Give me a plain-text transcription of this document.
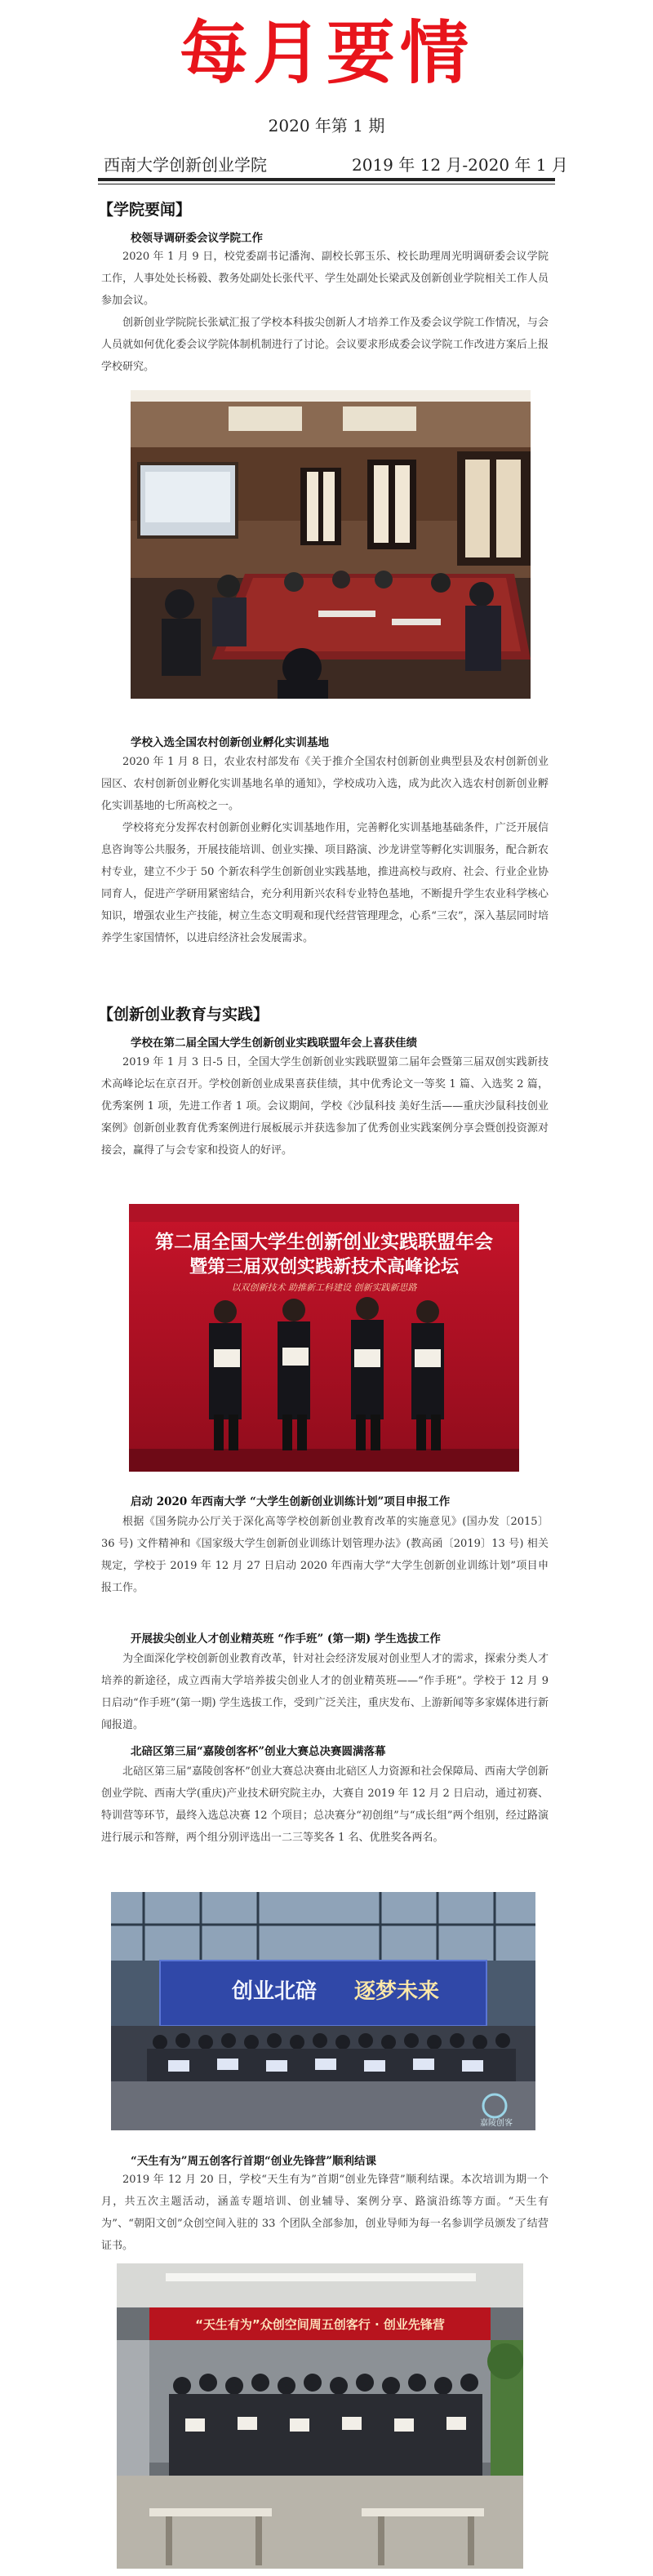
每月要情
2020 年第 1 期
西南大学创新创业学院	2019 年 12 月-2020 年 1 月
【学院要闻】
校领导调研委会议学院工作
2020 年 1 月 9 日，校党委副书记潘洵、副校长郭玉乐、校长助理周光明调研委会议学院工作，人事处处长杨毅、教务处副处长张代平、学生处副处长梁武及创新创业学院相关工作人员参加会议。
创新创业学院院长张斌汇报了学校本科拔尖创新人才培养工作及委会议学院工作情况，与会人员就如何优化委会议学院体制机制进行了讨论。会议要求形成委会议学院工作改进方案后上报学校研究。
学校入选全国农村创新创业孵化实训基地
2020 年 1 月 8 日，农业农村部发布《关于推介全国农村创新创业典型县及农村创新创业园区、农村创新创业孵化实训基地名单的通知》，学校成功入选，成为此次入选农村创新创业孵化实训基地的七所高校之一。
学校将充分发挥农村创新创业孵化实训基地作用，完善孵化实训基地基础条件，广泛开展信息咨询等公共服务，开展技能培训、创业实操、项目路演、沙龙讲堂等孵化实训服务，配合新农村专业，建立不少于 50 个新农科学生创新创业实践基地，推进高校与政府、社会、行业企业协同育人，促进产学研用紧密结合，充分利用新兴农科专业特色基地，不断提升学生农业科学核心知识，增强农业生产技能，树立生态文明观和现代经营管理理念，心系“三农”，深入基层同时培养学生家国情怀，以进启经济社会发展需求。
【创新创业教育与实践】
学校在第二届全国大学生创新创业实践联盟年会上喜获佳绩
2019 年 1 月 3 日-5 日，全国大学生创新创业实践联盟第二届年会暨第三届双创实践新技术高峰论坛在京召开。学校创新创业成果喜获佳绩，其中优秀论文一等奖 1 篇、入选奖 2 篇，优秀案例 1 项，先进工作者 1 项。会议期间，学校《沙鼠科技 美好生活——重庆沙鼠科技创业案例》创新创业教育优秀案例进行展板展示并获选参加了优秀创业实践案例分享会暨创投资源对接会，赢得了与会专家和投资人的好评。
第二届全国大学生创新创业实践联盟年会
暨第三届双创实践新技术高峰论坛
以双创新技术 助推新工科建设 创新实践新思路
启动 2020 年西南大学 “大学生创新创业训练计划”项目申报工作
根据《国务院办公厅关于深化高等学校创新创业教育改革的实施意见》(国办发〔2015〕36 号) 文件精神和《国家级大学生创新创业训练计划管理办法》(教高函〔2019〕13 号) 相关规定，学校于 2019 年 12 月 27 日启动 2020 年西南大学“大学生创新创业训练计划”项目申报工作。
开展拔尖创业人才创业精英班 “作手班” (第一期) 学生选拔工作
为全面深化学校创新创业教育改革，针对社会经济发展对创业型人才的需求，探索分类人才培养的新途径，成立西南大学培养拔尖创业人才的创业精英班——“作手班”。学校于 12 月 9 日启动“作手班”(第一期) 学生选拔工作，受到广泛关注，重庆发布、上游新闻等多家媒体进行新闻报道。
北碚区第三届“嘉陵创客杯”创业大赛总决赛圆满落幕
北碚区第三届“嘉陵创客杯”创业大赛总决赛由北碚区人力资源和社会保障局、西南大学创新创业学院、西南大学(重庆)产业技术研究院主办，大赛自 2019 年 12 月 2 日启动，通过初赛、特训营等环节，最终入选总决赛 12 个项目；总决赛分“初创组”与“成长组”两个组别，经过路演进行展示和答辩，两个组分别评选出一二三等奖各 1 名、优胜奖各两名。
创业北碚 逐梦未来
嘉陵创客
“天生有为”周五创客行首期“创业先锋营”顺利结课
2019 年 12 月 20 日，学校“天生有为”首期“创业先锋营”顺利结课。本次培训为期一个月，共五次主题活动，涵盖专题培训、创业辅导、案例分享、路演沿练等方面。“天生有为”、“朝阳文创”众创空间入驻的 33 个团队全部参加，创业导师为每一名参训学员颁发了结营证书。
“天生有为”众创空间周五创客行 · 创业先锋营
